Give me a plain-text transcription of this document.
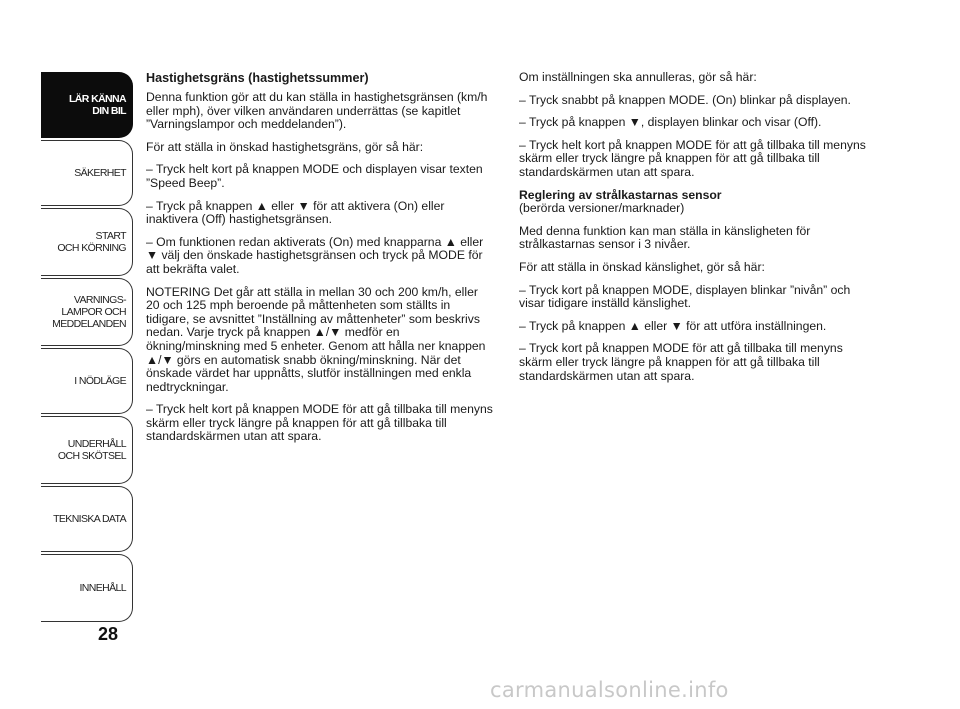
LÄR KÄNNA
DIN BIL
SÄKERHET
START
OCH KÖRNING
VARNINGS-
LAMPOR OCH
MEDDELANDEN
I NÖDLÄGE
UNDERHÅLL
OCH SKÖTSEL
TEKNISKA DATA
INNEHÅLL
28
Hastighetsgräns (hastighetssummer)

Denna funktion gör att du kan ställa in hastighetsgränsen (km/h eller mph), över vilken användaren underrättas (se kapitlet ”Varningslampor och meddelanden”).

För att ställa in önskad hastighetsgräns, gör så här:

– Tryck helt kort på knappen MODE och displayen visar texten ”Speed Beep”.

– Tryck på knappen ▲ eller ▼ för att aktivera (On) eller inaktivera (Off) hastighetsgränsen.

– Om funktionen redan aktiverats (On) med knapparna ▲ eller ▼ välj den önskade hastighetsgränsen och tryck på MODE för att bekräfta valet.

NOTERING Det går att ställa in mellan 30 och 200 km/h, eller 20 och 125 mph beroende på måttenheten som ställts in tidigare, se avsnittet ”Inställning av måttenheter” som beskrivs nedan. Varje tryck på knappen ▲/▼ medför en ökning/minskning med 5 enheter. Genom att hålla ner knappen ▲/▼ görs en automatisk snabb ökning/minskning. När det önskade värdet har uppnåtts, slutför inställningen med enkla nedtryckningar.

– Tryck helt kort på knappen MODE för att gå tillbaka till menyns skärm eller tryck längre på knappen för att gå tillbaka till standardskärmen utan att spara.

Om inställningen ska annulleras, gör så här:

– Tryck snabbt på knappen MODE. (On) blinkar på displayen.

– Tryck på knappen ▼, displayen blinkar och visar (Off).

– Tryck helt kort på knappen MODE för att gå tillbaka till menyns skärm eller tryck längre på knappen för att gå tillbaka till standardskärmen utan att spara.

Reglering av strålkastarnas sensor
(berörda versioner/marknader)

Med denna funktion kan man ställa in känsligheten för strålkastarnas sensor i 3 nivåer.

För att ställa in önskad känslighet, gör så här:

– Tryck kort på knappen MODE, displayen blinkar ”nivån” och visar tidigare inställd känslighet.

– Tryck på knappen ▲ eller ▼ för att utföra inställningen.

– Tryck kort på knappen MODE för att gå tillbaka till menyns skärm eller tryck längre på knappen för att gå tillbaka till standardskärmen utan att spara.

carmanualsonline.info
